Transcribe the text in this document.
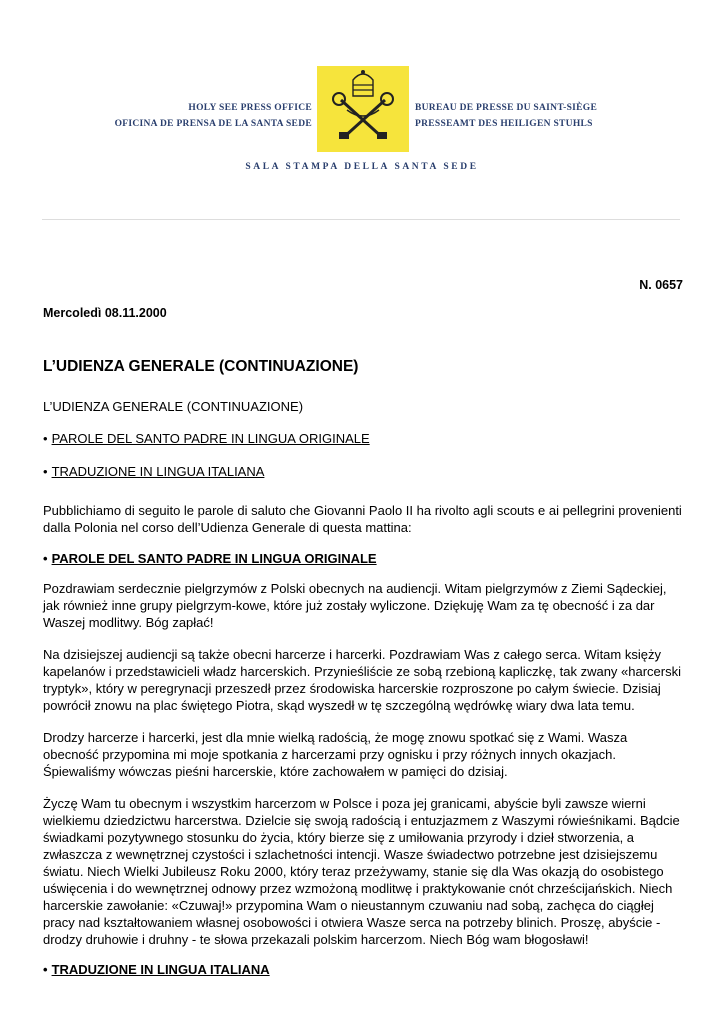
HOLY SEE PRESS OFFICE
OFICINA DE PRENSA DE LA SANTA SEDE
BUREAU DE PRESSE DU SAINT-SIÈGE
PRESSEAMT DES HEILIGEN STUHLS
SALA STAMPA DELLA SANTA SEDE
N. 0657
Mercoledì 08.11.2000
L’UDIENZA GENERALE (CONTINUAZIONE)
L’UDIENZA GENERALE (CONTINUAZIONE)
• PAROLE DEL SANTO PADRE IN LINGUA ORIGINALE
• TRADUZIONE IN LINGUA ITALIANA
Pubblichiamo di seguito le parole di saluto che Giovanni Paolo II ha rivolto agli scouts e ai pellegrini provenienti dalla Polonia nel corso dell’Udienza Generale di questa mattina:
• PAROLE DEL SANTO PADRE IN LINGUA ORIGINALE
Pozdrawiam serdecznie pielgrzymów z Polski obecnych na audiencji. Witam pielgrzymów z Ziemi Sądeckiej, jak również inne grupy pielgrzym-kowe, które już zostały wyliczone. Dziękuję Wam za tę obecność i za dar Waszej modlitwy. Bóg zapłać!
Na dzisiejszej audiencji są także obecni harcerze i harcerki. Pozdrawiam Was z całego serca. Witam księży kapelanów i przedstawicieli władz harcerskich. Przynieśliście ze sobą rzebioną kapliczkę, tak zwany «harcerski tryptyk», który w peregrynacji przeszedł przez środowiska harcerskie rozproszone po całym świecie. Dzisiaj powrócił znowu na plac świętego Piotra, skąd wyszedł w tę szczególną wędrówkę wiary dwa lata temu.
Drodzy harcerze i harcerki, jest dla mnie wielką radością, że mogę znowu spotkać się z Wami. Wasza obecność przypomina mi moje spotkania z harcerzami przy ognisku i przy różnych innych okazjach. Śpiewaliśmy wówczas pieśni harcerskie, które zachowałem w pamięci do dzisiaj.
Życzę Wam tu obecnym i wszystkim harcerzom w Polsce i poza jej granicami, abyście byli zawsze wierni wielkiemu dziedzictwu harcerstwa. Dzielcie się swoją radością i entuzjazmem z Waszymi rówieśnikami. Bądcie świadkami pozytywnego stosunku do życia, który bierze się z umiłowania przyrody i dzieł stworzenia, a zwłaszcza z wewnętrznej czystości i szlachetności intencji. Wasze świadectwo potrzebne jest dzisiejszemu światu. Niech Wielki Jubileusz Roku 2000, który teraz przeżywamy, stanie się dla Was okazją do osobistego uświęcenia i do wewnętrznej odnowy przez wzmożoną modlitwę i praktykowanie cnót chrześcijańskich. Niech harcerskie zawołanie: «Czuwaj!» przypomina Wam o nieustannym czuwaniu nad sobą, zachęca do ciągłej pracy nad kształtowaniem własnej osobowości i otwiera Wasze serca na potrzeby blinich. Proszę, abyście - drodzy druhowie i druhny - te słowa przekazali polskim harcerzom. Niech Bóg wam błogosławi!
• TRADUZIONE IN LINGUA ITALIANA
